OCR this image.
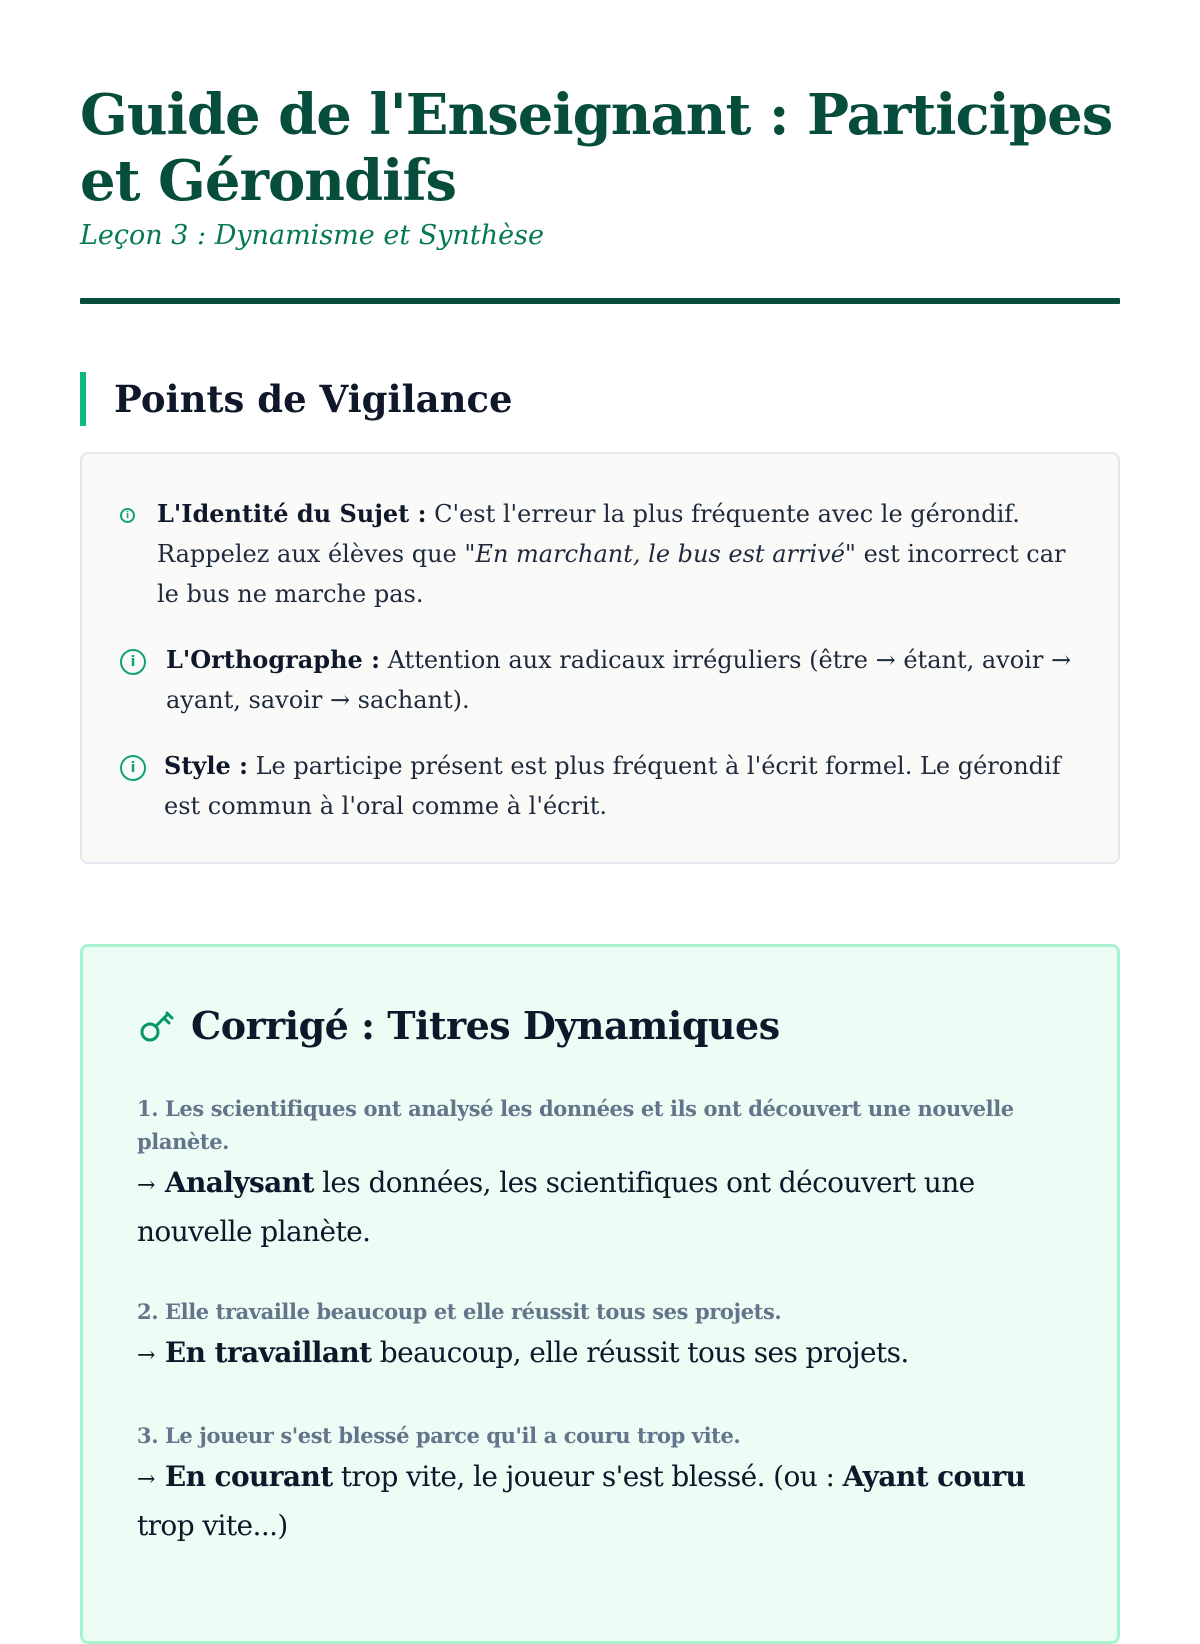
Guide de l'Enseignant : Participes et Gérondifs

Leçon 3 : Dynamisme et Synthèse

Points de Vigilance
i L'Identité du Sujet : C'est l'erreur la plus fréquente avec le gérondif. Rappelez aux élèves que "En marchant, le bus est arrivé" est incorrect car le bus ne marche pas.
i	L'Orthographe : Attention aux radicaux irréguliers (être → étant, avoir → ayant, savoir → sachant).
i	Style : Le participe présent est plus fréquent à l'écrit formel. Le gérondif est commun à l'oral comme à l'écrit.
Corrigé : Titres Dynamiques
1. Les scientifiques ont analysé les données et ils ont découvert une nouvelle planète.
→ Analysant les données, les scientifiques ont découvert une nouvelle planète.
2. Elle travaille beaucoup et elle réussit tous ses projets.
→ En travaillant beaucoup, elle réussit tous ses projets.
3. Le joueur s'est blessé parce qu'il a couru trop vite.
→ En courant trop vite, le joueur s'est blessé. (ou : Ayant couru trop vite...)
